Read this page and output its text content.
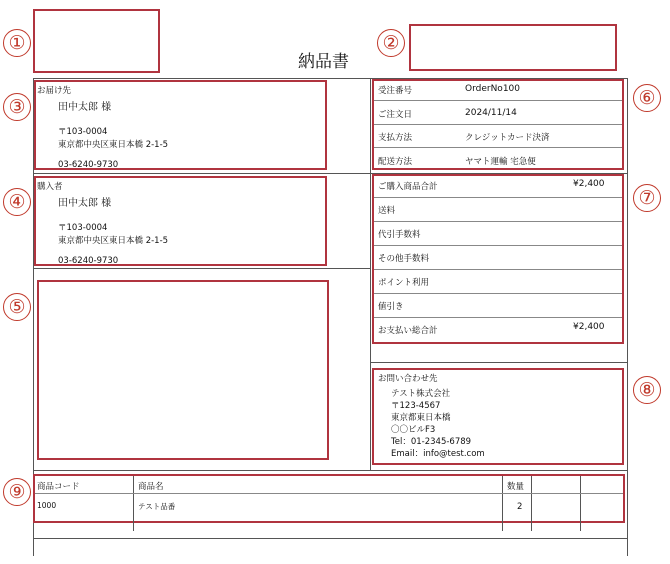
納品書
①	②
③
④
⑤
⑥
⑦
⑧
⑨
お届け先
田中太郎 様
〒103-0004
東京都中央区東日本橋 2-1-5
03-6240-9730
購入者
田中太郎 様
〒103-0004
東京都中央区東日本橋 2-1-5
03-6240-9730
受注番号	OrderNo100
ご注文日	2024/11/14
支払方法	クレジットカード決済
配送方法	ヤマト運輸 宅急便
ご購入商品合計	¥2,400
送料
代引手数料
その他手数料
ポイント利用
値引き
お支払い総合計	¥2,400
お問い合わせ先
テスト株式会社
〒123-4567
東京都東日本橋
〇〇ビルF3
Tel：01-2345-6789
Email：info@test.com
商品コード	商品名	数量
1000	テスト品番	2
